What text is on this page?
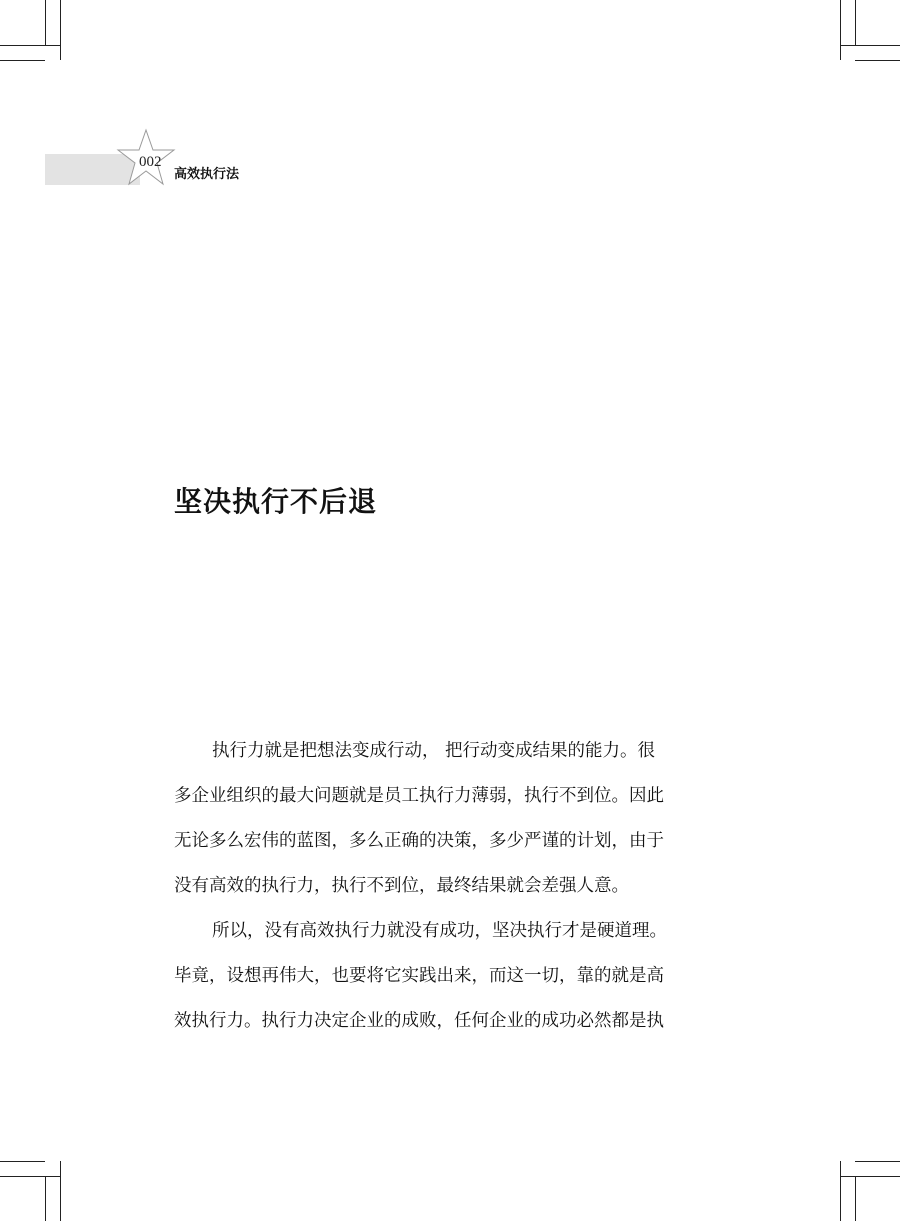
002
高效执行法
坚决执行不后退
执行力就是把想法变成行动， 把行动变成结果的能力。很
多企业组织的最大问题就是员工执行力薄弱，执行不到位。因此
无论多么宏伟的蓝图，多么正确的决策，多少严谨的计划，由于
没有高效的执行力，执行不到位，最终结果就会差强人意。
所以，没有高效执行力就没有成功，坚决执行才是硬道理。
毕竟，设想再伟大，也要将它实践出来，而这一切，靠的就是高
效执行力。执行力决定企业的成败，任何企业的成功必然都是执
